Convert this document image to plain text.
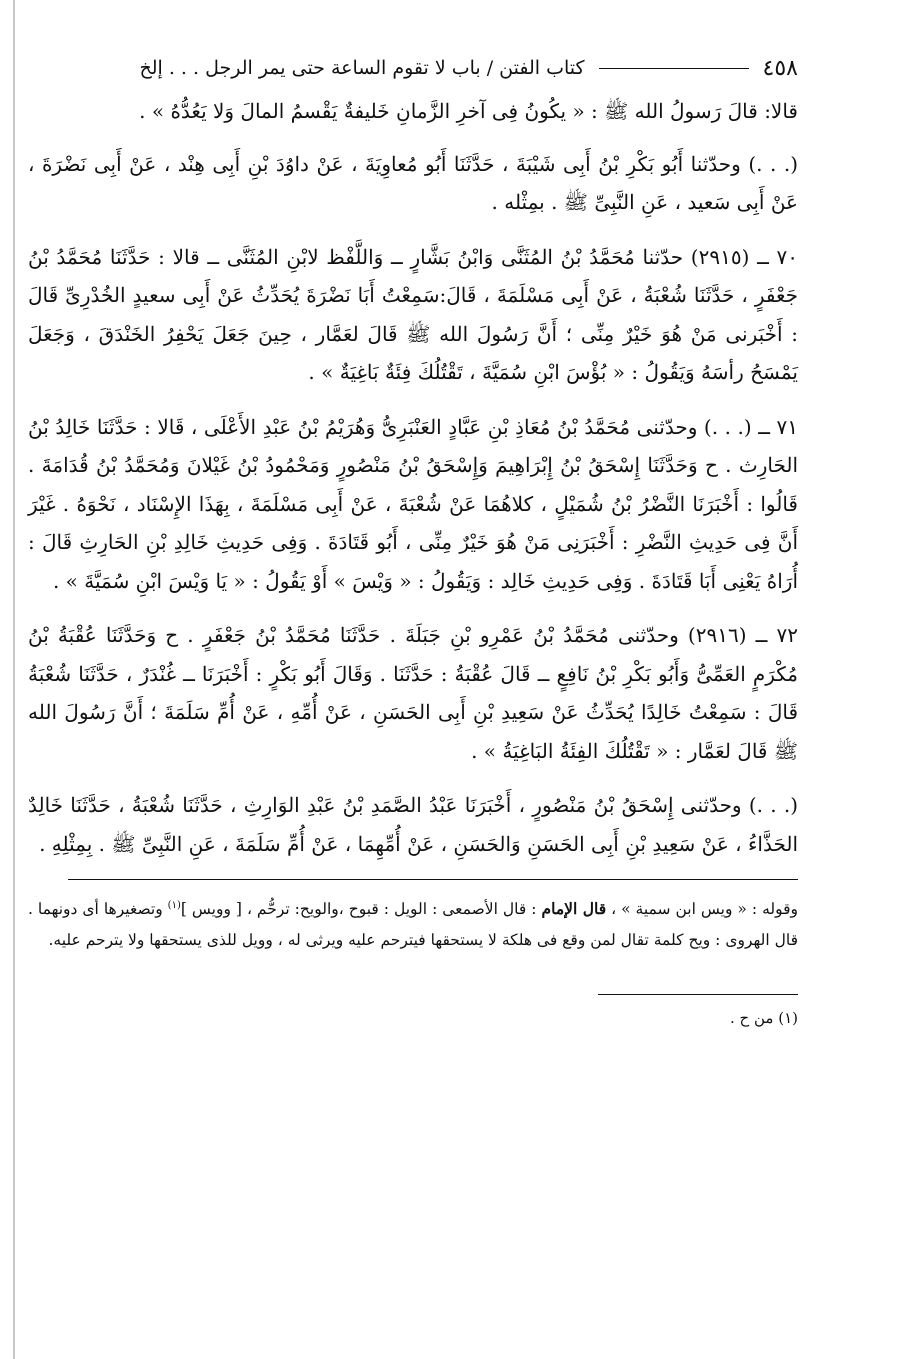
٤٥٨
كتاب الفتن / باب لا تقوم الساعة حتى يمر الرجل . . . إلخ

قالا: قالَ رَسولُ الله ﷺ : « يكُونُ فِى آخرِ الزَّمانِ خَليفةٌ يَقْسمُ المالَ وَلا يَعُدُّهُ » .

(. . .) وحدّثنا أَبُو بَكْرِ بْنُ أَبِى شَيْبَةَ ، حَدَّثَنَا أَبُو مُعاوِيَةَ ، عَنْ داوُدَ بْنِ أَبِى هِنْد ، عَنْ أَبِى نَضْرَةَ ، عَنْ أَبِى سَعيد ، عَنِ النَّبِىِّ ﷺ . بمِثْله .

٧٠ ــ (٢٩١٥) حدّثنا مُحَمَّدُ بْنُ المُثَنَّى وَابْنُ بَشَّارٍ ــ وَاللَّفْظ لابْنِ المُثَنَّى ــ قالا : حَدَّثَنَا مُحَمَّدُ بْنُ جَعْفَرٍ ، حَدَّثَنَا شُعْبَةُ ، عَنْ أَبِى مَسْلَمَةَ ، قَالَ:سَمِعْتُ أَبَا نَضْرَةَ يُحَدِّثُ عَنْ أَبِى سعيدٍ الخُدْرِىِّ قَالَ : أَخْبَرنى مَنْ هُوَ خَيْرٌ مِنِّى ؛ أَنَّ رَسُولَ الله ﷺ قَالَ لعَمَّار ، حِينَ جَعَلَ يَحْفِرُ الخَنْدَقَ ، وَجَعَلَ يَمْسَحُ رأسَهُ وَيَقُولُ : « بُؤْسَ ابْنِ سُمَيَّةَ ، تَقْتُلُكَ فِئَةٌ بَاغِيَةٌ » .

٧١ ــ (. . .) وحدّثنى مُحَمَّدُ بْنُ مُعَاذِ بْنِ عَبَّادٍ العَنْبَرِىُّ وَهُرَيْمُ بْنُ عَبْدِ الأَعْلَى ، قَالا : حَدَّثَنَا خَالِدُ بْنُ الحَارِث . ح وَحَدَّثَنَا إِسْحَقُ بْنُ إِبْرَاهِيمَ وَإِسْحَقُ بْنُ مَنْصُورٍ وَمَحْمُودُ بْنُ غَيْلانَ وَمُحَمَّدُ بْنُ قُدَامَةَ . قَالُوا : أَخْبَرَنَا النَّضْرُ بْنُ شُمَيْلٍ ، كلاهُمَا عَنْ شُعْبَةَ ، عَنْ أَبِى مَسْلَمَةَ ، بِهَذَا الإِسْنَاد ، نَحْوَهُ . غَيْرَ أَنَّ فِى حَدِيثِ النَّضْرِ : أَخْبَرَنِى مَنْ هُوَ خَيْرٌ مِنِّى ، أَبُو قَتَادَةَ . وَفِى حَدِيثِ خَالِدِ بْنِ الحَارِثِ قَالَ : أُرَاهُ يَعْنِى أَبَا قَتَادَةَ . وَفِى حَدِيثِ خَالِد : وَيَقُولُ : « وَيْسَ » أَوْ يَقُولُ : « يَا وَيْسَ ابْنِ سُمَيَّةَ » .

٧٢ ــ (٢٩١٦) وحدّثنى مُحَمَّدُ بْنُ عَمْرِو بْنِ جَبَلَةَ . حَدَّثَنَا مُحَمَّدُ بْنُ جَعْفَرٍ . ح وَحَدَّثَنَا عُقْبَةُ بْنُ مُكْرَمٍ العَمِّىُّ وَأَبُو بَكْرِ بْنُ نَافِعٍ ــ قَالَ عُقْبَةُ : حَدَّثَنَا . وَقَالَ أَبُو بَكْرٍ : أَخْبَرَنَا ــ غُنْدَرٌ ، حَدَّثَنَا شُعْبَةُ قَالَ : سَمِعْتُ خَالِدًا يُحَدِّثُ عَنْ سَعِيدِ بْنِ أَبِى الحَسَنِ ، عَنْ أُمِّهِ ، عَنْ أُمِّ سَلَمَةَ ؛ أَنَّ رَسُولَ الله ﷺ قَالَ لعَمَّار : « تَقْتُلُكَ الفِئَةُ البَاغِيَةُ » .

(. . .) وحدّثنى إِسْحَقُ بْنُ مَنْصُورٍ ، أَخْبَرَنَا عَبْدُ الصَّمَدِ بْنُ عَبْدِ الوَارِثِ ، حَدَّثَنَا شُعْبَةُ ، حَدَّثَنَا خَالِدٌ الحَذَّاءُ ، عَنْ سَعِيدِ بْنِ أَبِى الحَسَنِ وَالحَسَنِ ، عَنْ أُمِّهِمَا ، عَنْ أُمِّ سَلَمَةَ ، عَنِ النَّبِىِّ ﷺ . بِمِثْلِهِ .

وقوله : « ويس ابن سمية » ، قال الإمام : قال الأصمعى : الويل : قبوح ،والويح: ترحُّم ، [ وويس ]$^{(١)}$ وتصغيرها أى دونهما . قال الهروى : ويح كلمة تقال لمن وقع فى هلكة لا يستحقها فيترحم عليه ويرثى له ، وويل للذى يستحقها ولا يترحم عليه.

(١) من ح .
